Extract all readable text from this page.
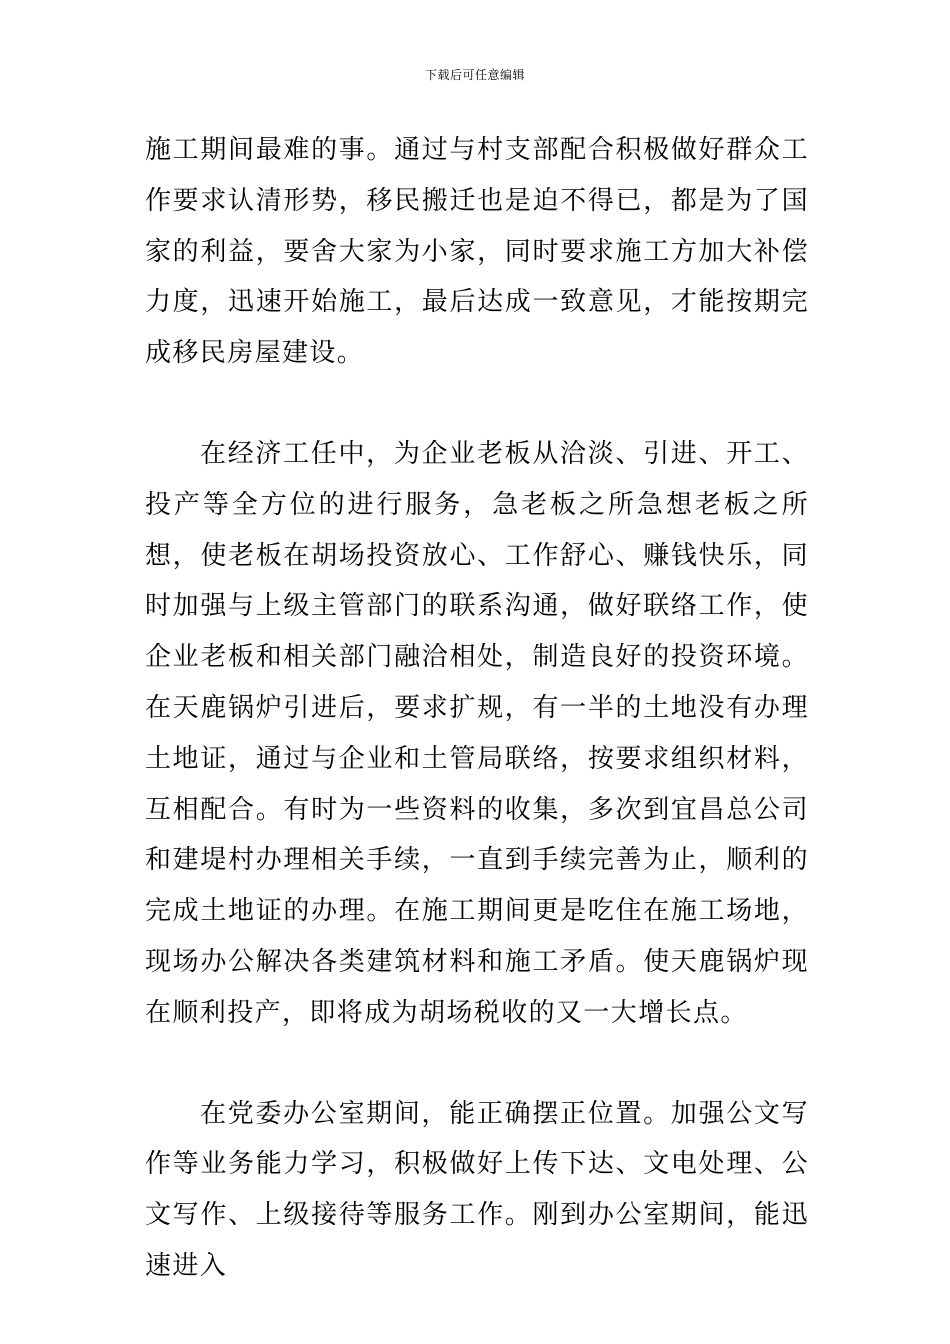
下载后可任意编辑

施工期间最难的事。通过与村支部配合积极做好群众工作要求认清形势，移民搬迁也是迫不得已，都是为了国家的利益，要舍大家为小家，同时要求施工方加大补偿力度，迅速开始施工，最后达成一致意见，才能按期完成移民房屋建设。

在经济工任中，为企业老板从洽淡、引进、开工、投产等全方位的进行服务，急老板之所急想老板之所想，使老板在胡场投资放心、工作舒心、赚钱快乐，同时加强与上级主管部门的联系沟通，做好联络工作，使企业老板和相关部门融洽相处，制造良好的投资环境。在天鹿锅炉引进后，要求扩规，有一半的土地没有办理土地证，通过与企业和土管局联络，按要求组织材料，互相配合。有时为一些资料的收集，多次到宜昌总公司和建堤村办理相关手续，一直到手续完善为止，顺利的完成土地证的办理。在施工期间更是吃住在施工场地，现场办公解决各类建筑材料和施工矛盾。使天鹿锅炉现在顺利投产，即将成为胡场税收的又一大增长点。

在党委办公室期间，能正确摆正位置。加强公文写作等业务能力学习，积极做好上传下达、文电处理、公文写作、上级接待等服务工作。刚到办公室期间，能迅速进入
